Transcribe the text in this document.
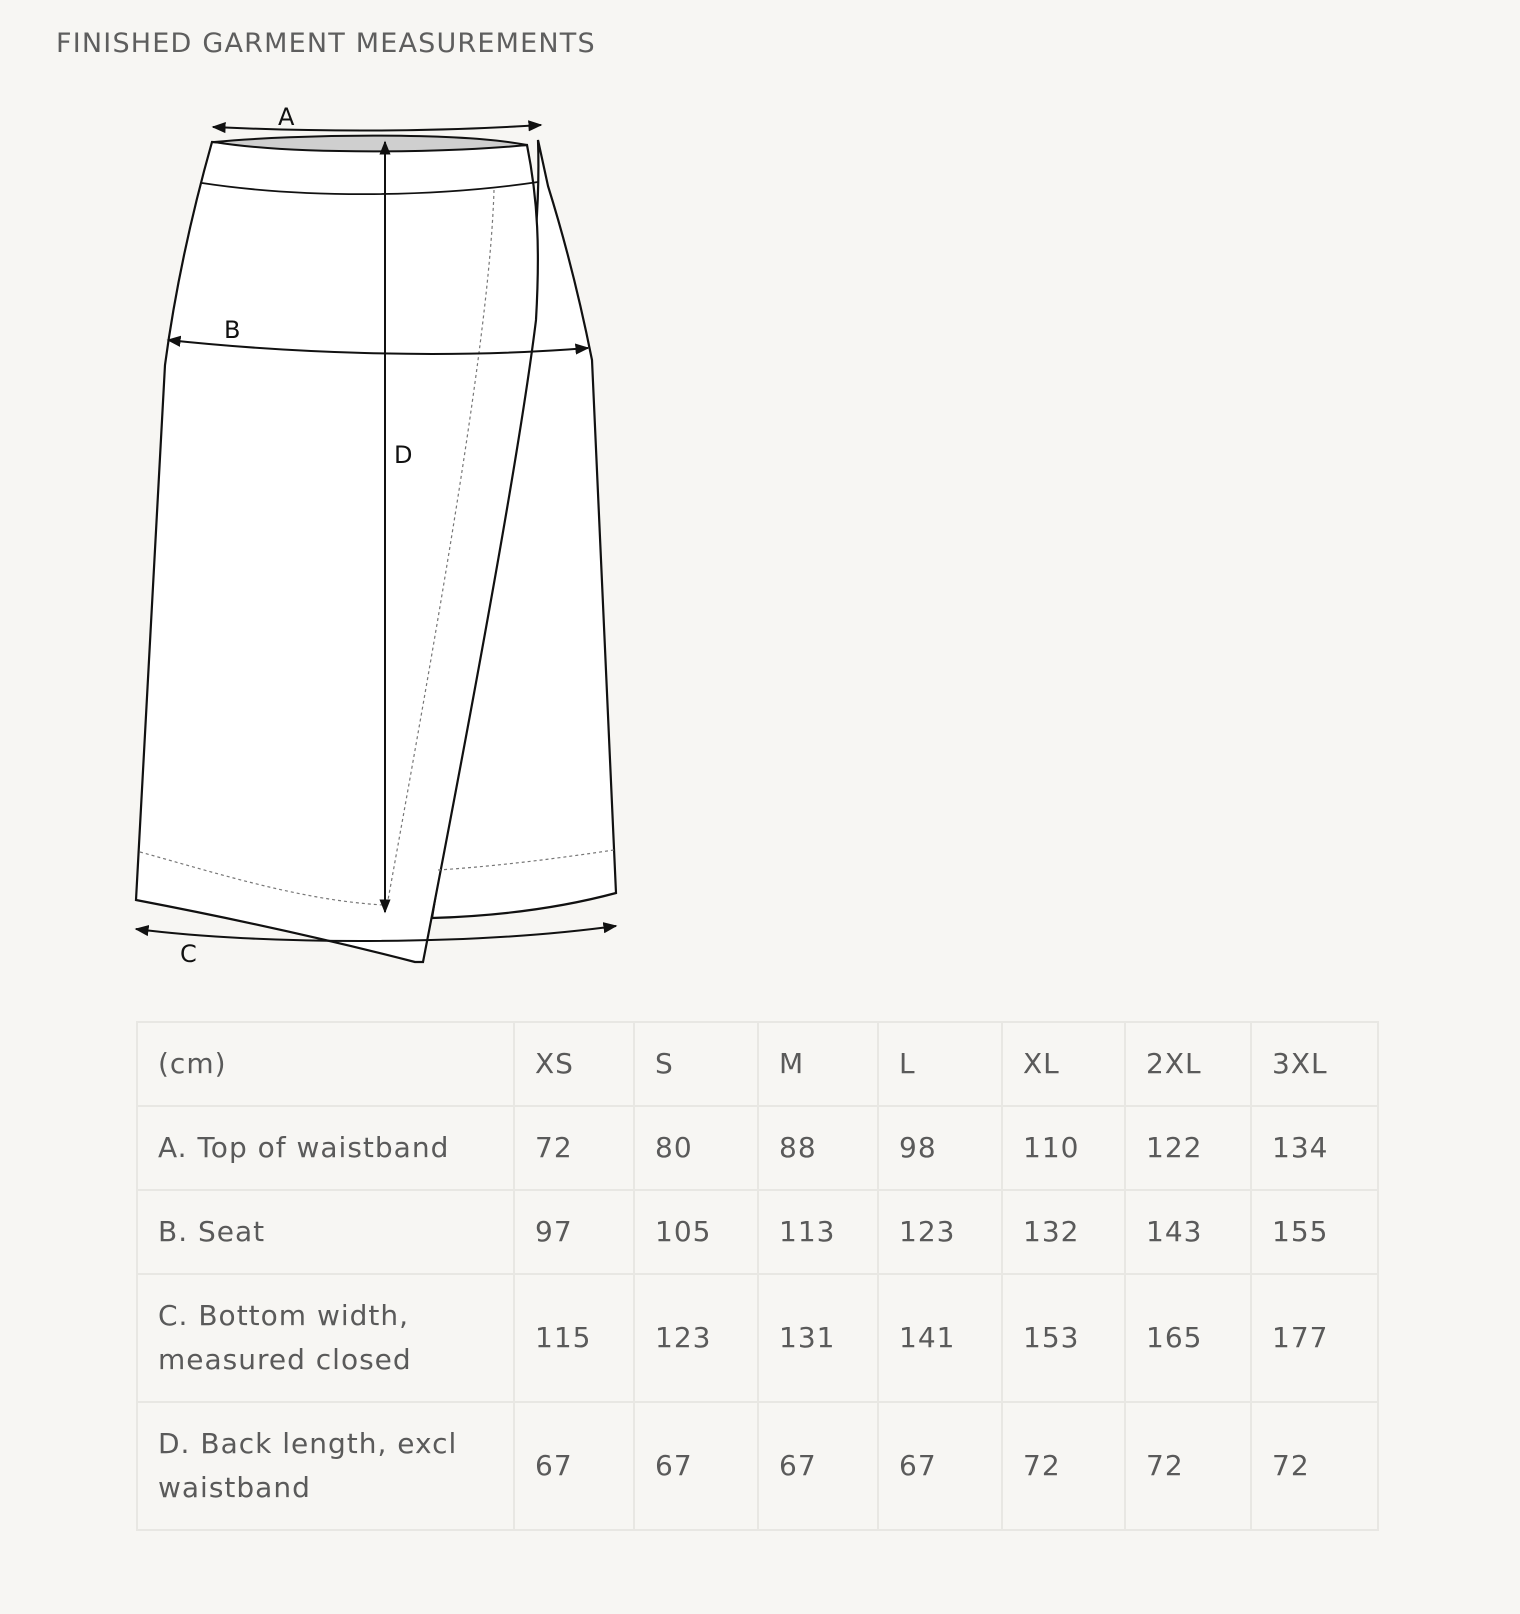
FINISHED GARMENT MEASUREMENTS
A
B
C
D
(cm)	XS	S	M	L	XL	2XL	3XL
A. Top of waistband	72	80	88	98	110	122	134
B. Seat	97	105	113	123	132	143	155
C. Bottom width, measured closed	115	123	131	141	153	165	177
D. Back length, excl waistband	67	67	67	67	72	72	72
